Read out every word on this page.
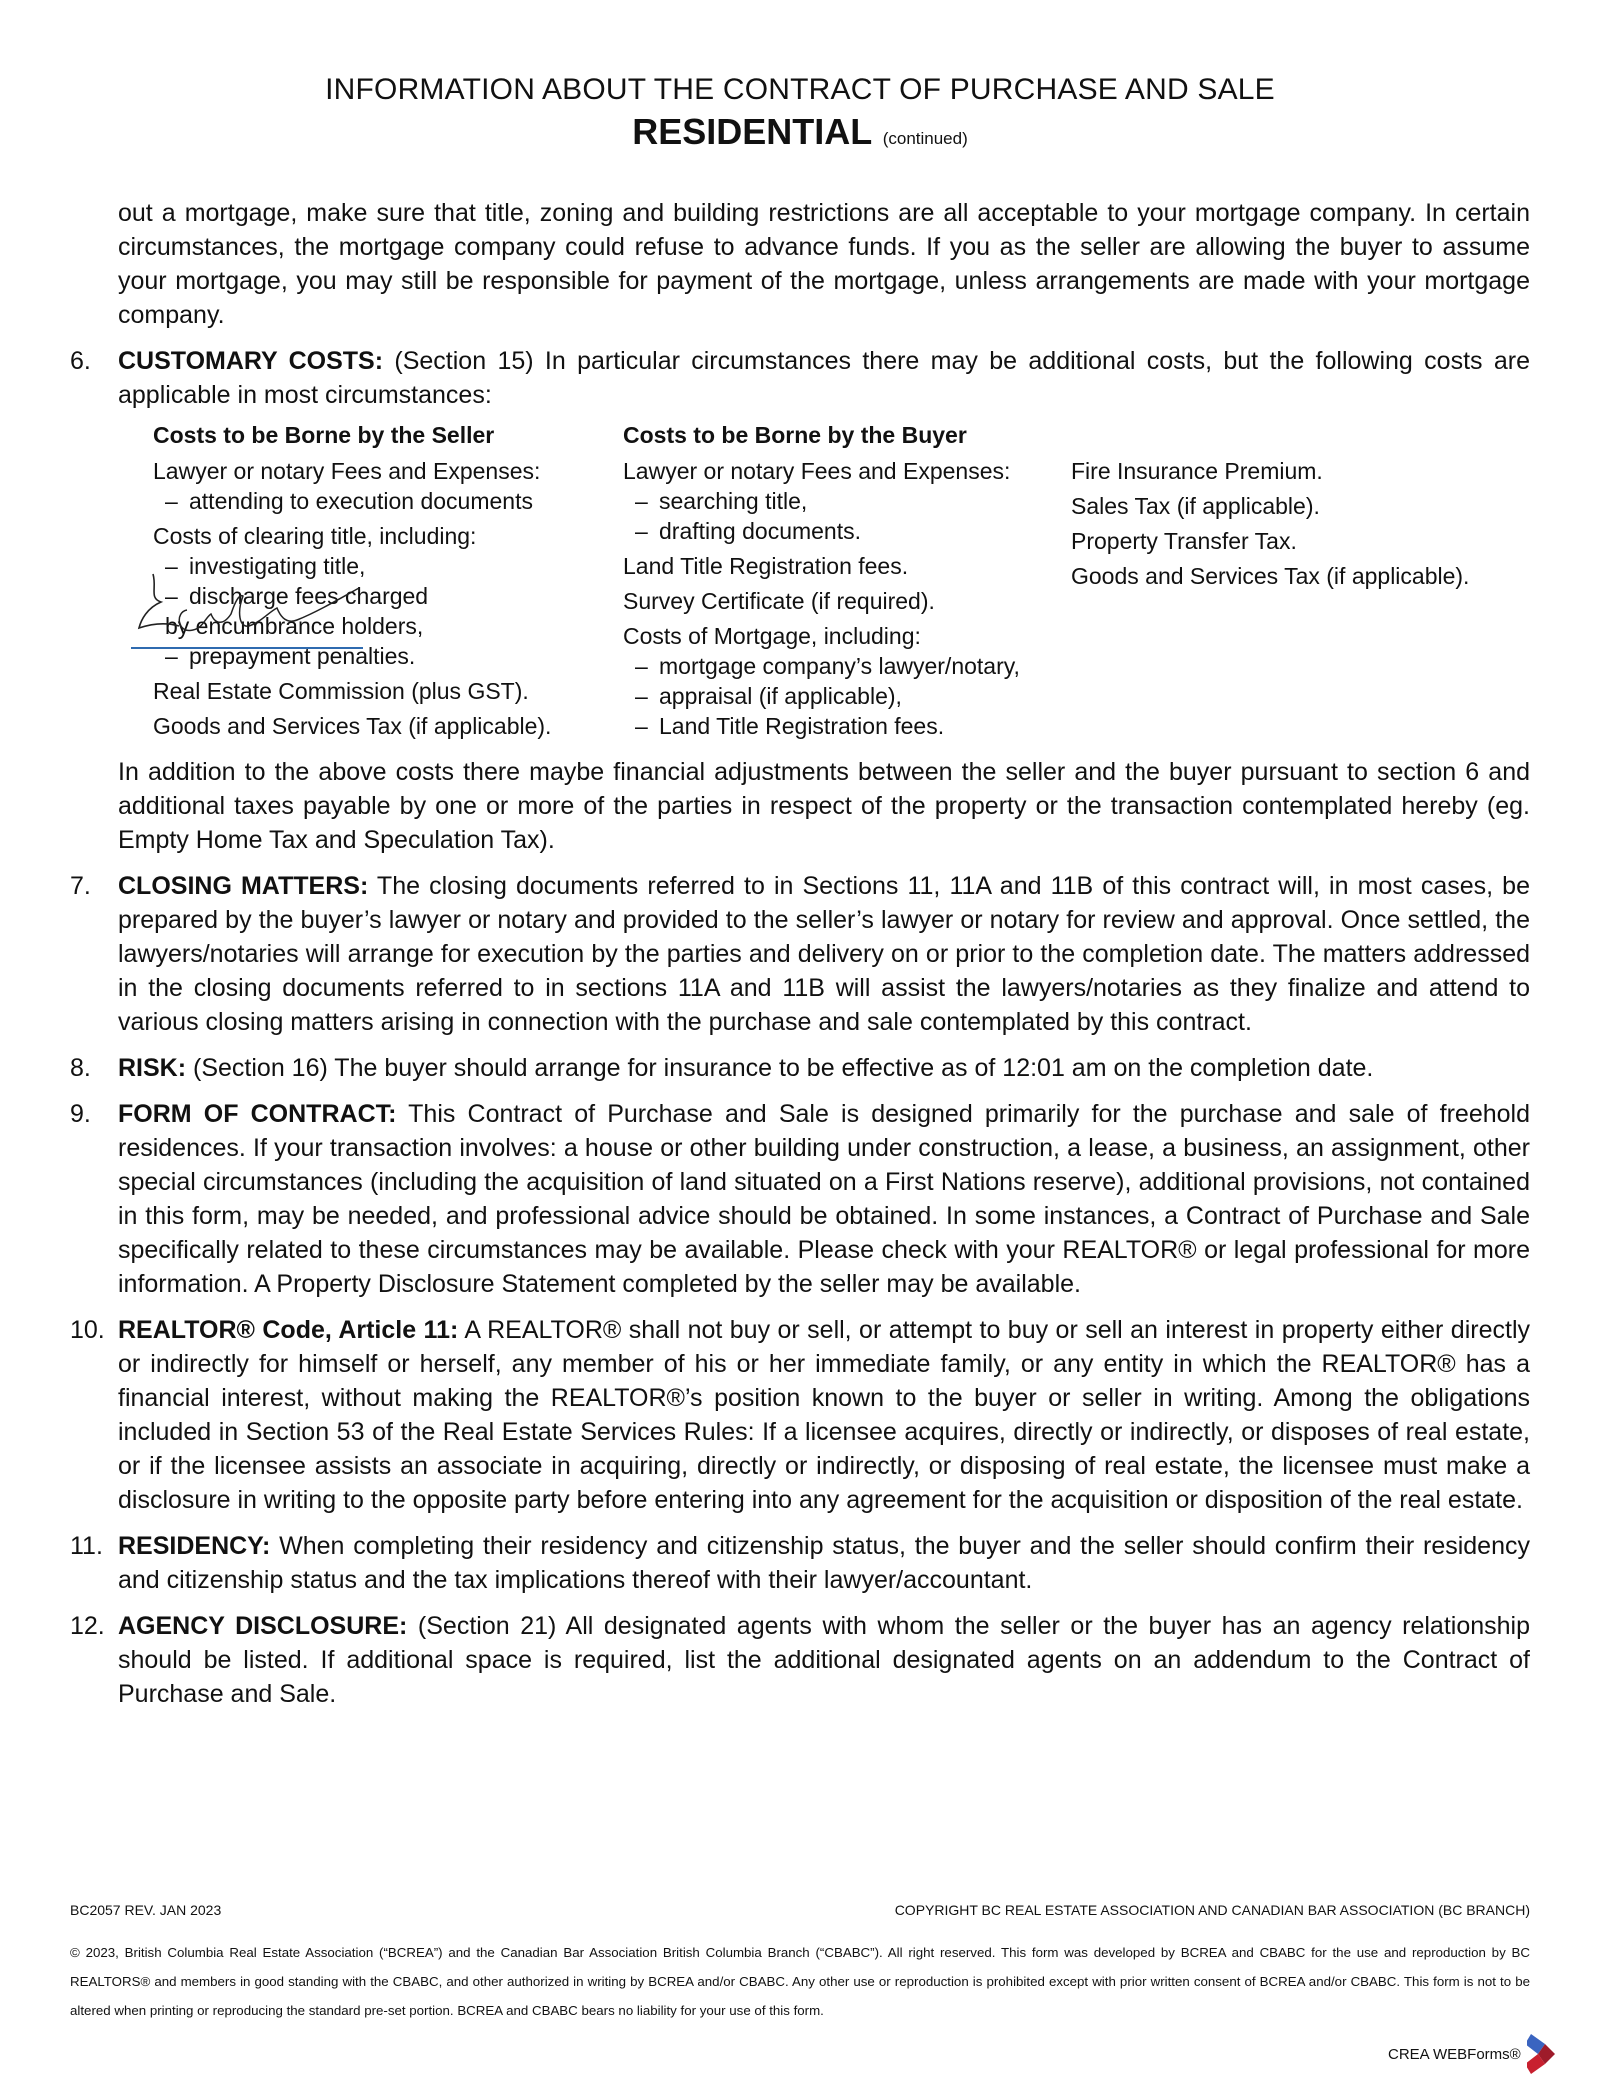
INFORMATION ABOUT THE CONTRACT OF PURCHASE AND SALE
RESIDENTIAL (continued)
out a mortgage, make sure that title, zoning and building restrictions are all acceptable to your mortgage company. In certain circumstances, the mortgage company could refuse to advance funds. If you as the seller are allowing the buyer to assume your mortgage, you may still be responsible for payment of the mortgage, unless arrangements are made with your mortgage company.
6.	CUSTOMARY COSTS: (Section 15) In particular circumstances there may be additional costs, but the following costs are applicable in most circumstances:
Costs to be Borne by the Seller
Lawyer or notary Fees and Expenses:
– attending to execution documents
Costs of clearing title, including:
– investigating title,
– discharge fees charged by encumbrance holders,
– prepayment penalties.
Real Estate Commission (plus GST).
Goods and Services Tax (if applicable).
Costs to be Borne by the Buyer
Lawyer or notary Fees and Expenses:
– searching title,
– drafting documents.
Land Title Registration fees.
Survey Certificate (if required).
Costs of Mortgage, including:
– mortgage company’s lawyer/notary,
– appraisal (if applicable),
– Land Title Registration fees.
Fire Insurance Premium.
Sales Tax (if applicable).
Property Transfer Tax.
Goods and Services Tax (if applicable).
In addition to the above costs there maybe financial adjustments between the seller and the buyer pursuant to section 6 and additional taxes payable by one or more of the parties in respect of the property or the transaction contemplated hereby (eg. Empty Home Tax and Speculation Tax).
7.	CLOSING MATTERS: The closing documents referred to in Sections 11, 11A and 11B of this contract will, in most cases, be prepared by the buyer’s lawyer or notary and provided to the seller’s lawyer or notary for review and approval. Once settled, the lawyers/notaries will arrange for execution by the parties and delivery on or prior to the completion date. The matters addressed in the closing documents referred to in sections 11A and 11B will assist the lawyers/notaries as they finalize and attend to various closing matters arising in connection with the purchase and sale contemplated by this contract.
8.	RISK: (Section 16) The buyer should arrange for insurance to be effective as of 12:01 am on the completion date.
9.	FORM OF CONTRACT: This Contract of Purchase and Sale is designed primarily for the purchase and sale of freehold residences. If your transaction involves: a house or other building under construction, a lease, a business, an assignment, other special circumstances (including the acquisition of land situated on a First Nations reserve), additional provisions, not contained in this form, may be needed, and professional advice should be obtained. In some instances, a Contract of Purchase and Sale specifically related to these circumstances may be available. Please check with your REALTOR® or legal professional for more information. A Property Disclosure Statement completed by the seller may be available.
10. REALTOR® Code, Article 11: A REALTOR® shall not buy or sell, or attempt to buy or sell an interest in property either directly or indirectly for himself or herself, any member of his or her immediate family, or any entity in which the REALTOR® has a financial interest, without making the REALTOR®’s position known to the buyer or seller in writing. Among the obligations included in Section 53 of the Real Estate Services Rules: If a licensee acquires, directly or indirectly, or disposes of real estate, or if the licensee assists an associate in acquiring, directly or indirectly, or disposing of real estate, the licensee must make a disclosure in writing to the opposite party before entering into any agreement for the acquisition or disposition of the real estate.
11. RESIDENCY: When completing their residency and citizenship status, the buyer and the seller should confirm their residency and citizenship status and the tax implications thereof with their lawyer/accountant.
12. AGENCY DISCLOSURE: (Section 21) All designated agents with whom the seller or the buyer has an agency relationship should be listed. If additional space is required, list the additional designated agents on an addendum to the Contract of Purchase and Sale.
BC2057 REV. JAN 2023	COPYRIGHT BC REAL ESTATE ASSOCIATION AND CANADIAN BAR ASSOCIATION (BC BRANCH)
© 2023, British Columbia Real Estate Association (“BCREA”) and the Canadian Bar Association British Columbia Branch (“CBABC”). All right reserved. This form was developed by BCREA and CBABC for the use and reproduction by BC REALTORS® and members in good standing with the CBABC, and other authorized in writing by BCREA and/or CBABC. Any other use or reproduction is prohibited except with prior written consent of BCREA and/or CBABC. This form is not to be altered when printing or reproducing the standard pre-set portion. BCREA and CBABC bears no liability for your use of this form.
CREA WEBForms®
